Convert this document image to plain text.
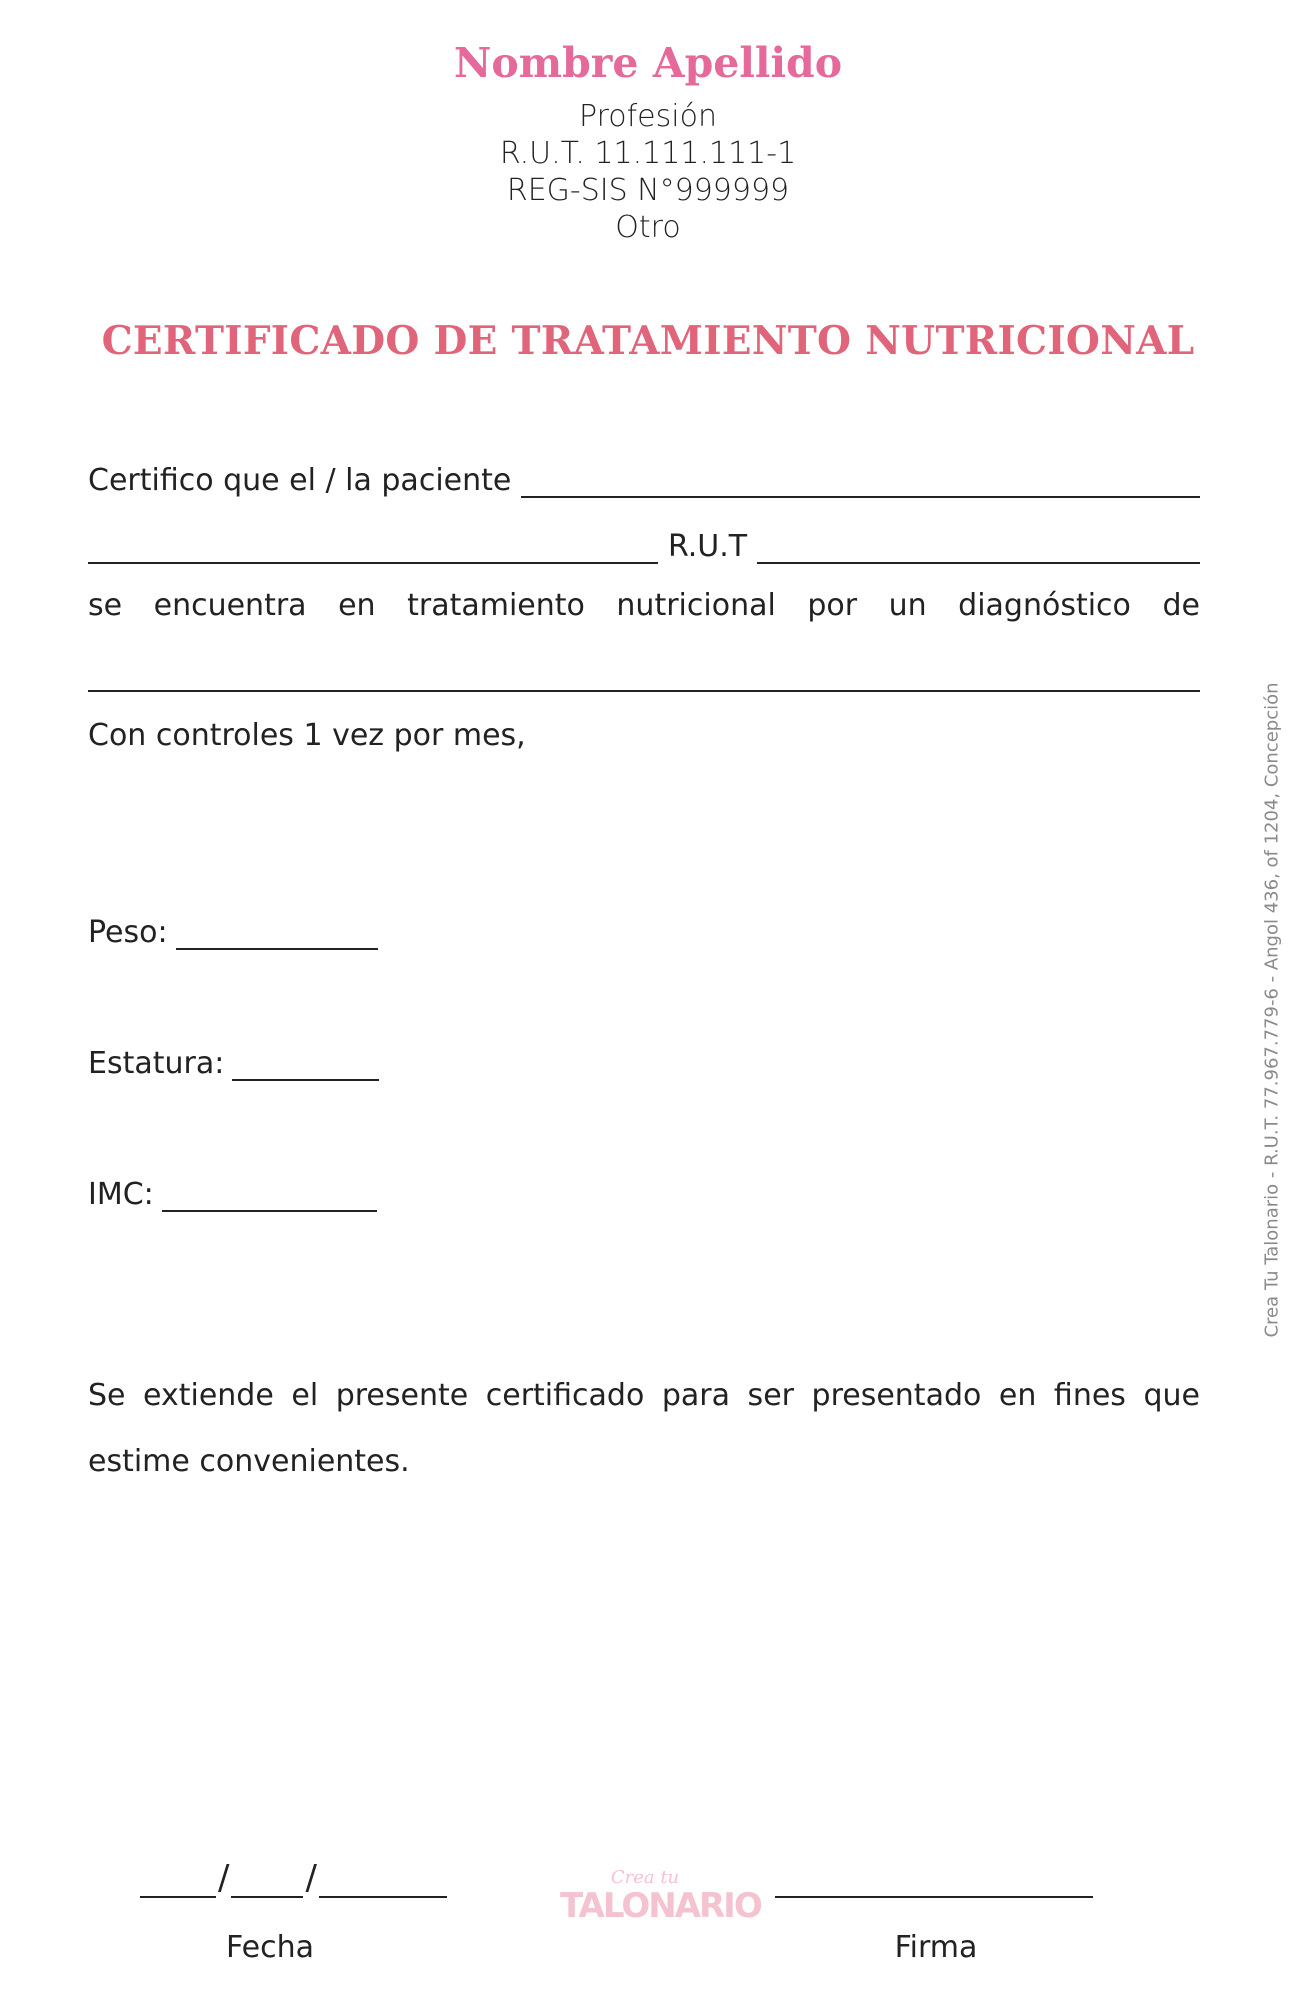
Nombre Apellido
Profesión
R.U.T. 11.111.111-1
REG-SIS N°999999
Otro
CERTIFICADO DE TRATAMIENTO NUTRICIONAL
Certifico que el / la paciente
R.U.T
se encuentra en tratamiento nutricional por un diagnóstico de
Con controles 1 vez por mes,
Peso:
Estatura:
IMC:
Se extiende el presente certificado para ser presentado en fines que estime convenientes.
/ /
Fecha
Crea tu
TALONARIO
Firma
Crea Tu Talonario - R.U.T. 77.967.779-6 - Angol 436, of 1204, Concepción
